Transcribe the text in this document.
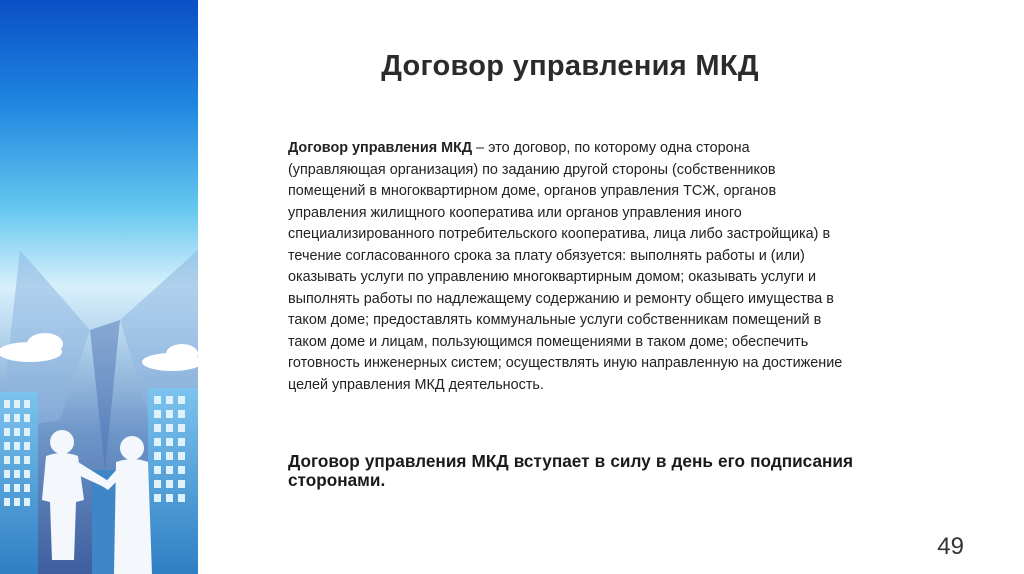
Договор управления МКД
Договор управления МКД – это договор, по которому одна сторона (управляющая организация) по заданию другой стороны (собственников помещений в многоквартирном доме, органов управления ТСЖ, органов управления жилищного кооператива или органов управления иного специализированного потребительского кооператива, лица либо застройщика) в течение согласованного срока за плату обязуется: выполнять работы и (или) оказывать услуги по управлению многоквартирным домом; оказывать услуги и выполнять работы по надлежащему содержанию и ремонту общего имущества в таком доме; предоставлять коммунальные услуги собственникам помещений в таком доме и лицам, пользующимся помещениями в таком доме; обеспечить готовность инженерных систем; осуществлять иную направленную на достижение целей управления МКД деятельность.
Договор управления МКД вступает в силу в день его подписания сторонами.
49
